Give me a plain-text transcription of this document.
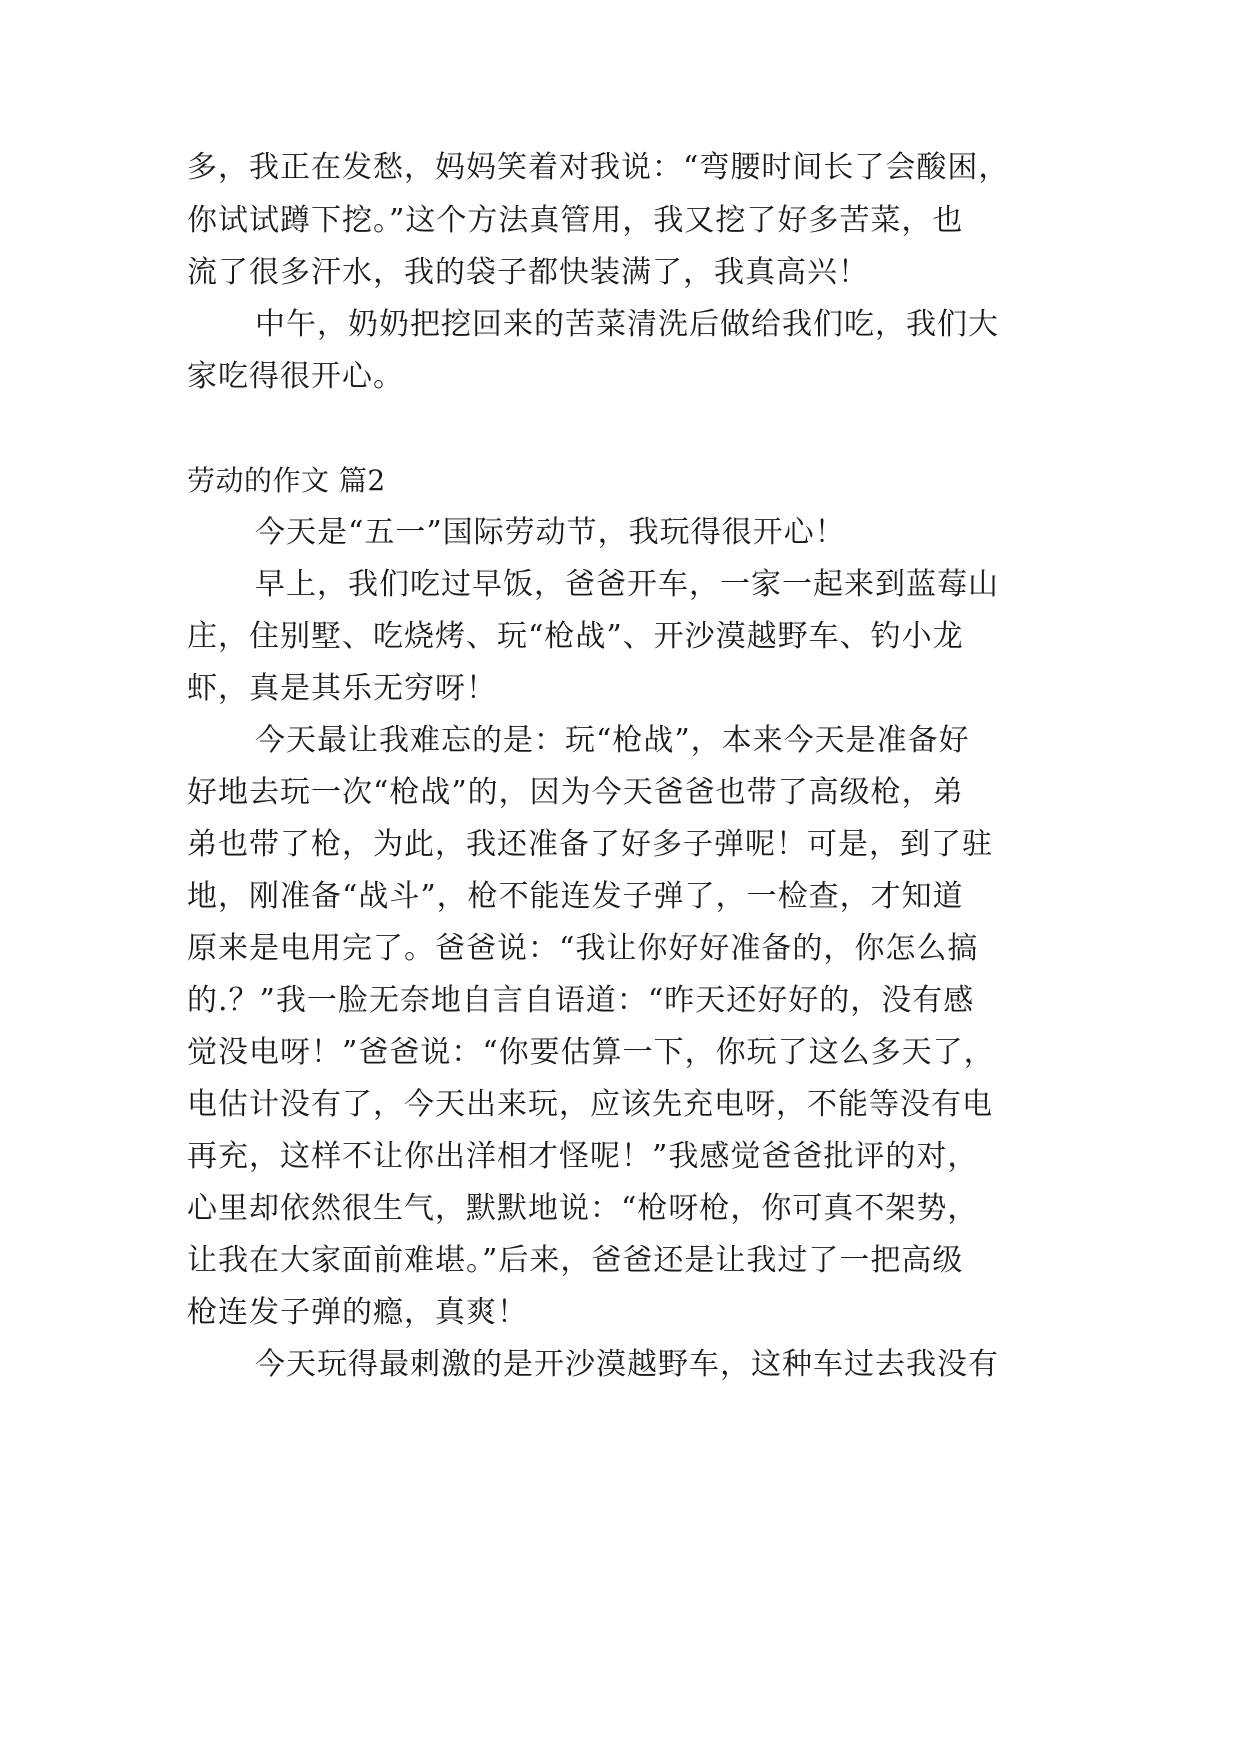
多，我正在发愁，妈妈笑着对我说：“弯腰时间长了会酸困，
你试试蹲下挖。”这个方法真管用，我又挖了好多苦菜，也
流了很多汗水，我的袋子都快装满了，我真高兴！
中午，奶奶把挖回来的苦菜清洗后做给我们吃，我们大
家吃得很开心。
劳动的作文 篇2
今天是“五一”国际劳动节，我玩得很开心！
早上，我们吃过早饭，爸爸开车，一家一起来到蓝莓山
庄，住别墅、吃烧烤、玩“枪战”、开沙漠越野车、钓小龙
虾，真是其乐无穷呀！
今天最让我难忘的是：玩“枪战”，本来今天是准备好
好地去玩一次“枪战”的，因为今天爸爸也带了高级枪，弟
弟也带了枪，为此，我还准备了好多子弹呢！可是，到了驻
地，刚准备“战斗”，枪不能连发子弹了，一检查，才知道
原来是电用完了。爸爸说：“我让你好好准备的，你怎么搞
的.？”我一脸无奈地自言自语道：“昨天还好好的，没有感
觉没电呀！”爸爸说：“你要估算一下，你玩了这么多天了，
电估计没有了，今天出来玩，应该先充电呀，不能等没有电
再充，这样不让你出洋相才怪呢！”我感觉爸爸批评的对，
心里却依然很生气，默默地说：“枪呀枪，你可真不架势，
让我在大家面前难堪。”后来，爸爸还是让我过了一把高级
枪连发子弹的瘾，真爽！
今天玩得最刺激的是开沙漠越野车，这种车过去我没有
